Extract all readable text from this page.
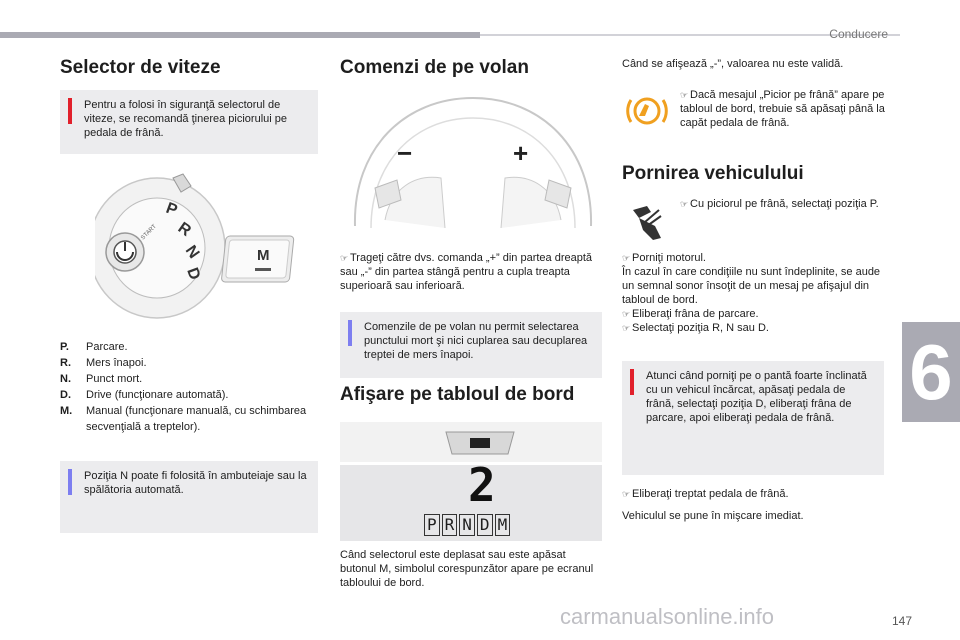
Conducere
Selector de viteze
Pentru a folosi în siguranţă selectorul de viteze, se recomandă ţinerea piciorului pe pedala de frână.
START
P
R
N
D
M
P.	Parcare.
R.	Mers înapoi.
N.	Punct mort.
D.	Drive (funcţionare automată).
M.	Manual (funcţionare manuală, cu schimbarea secvenţială a treptelor).
Poziţia N poate fi folosită în ambuteiaje sau la spălătoria automată.
Comenzi de pe volan
−	+
☞ Trageţi către dvs. comanda „+” din partea dreaptă sau „-” din partea stângă pentru a cupla treapta superioară sau inferioară.
Comenzile de pe volan nu permit selectarea punctului mort şi nici cuplarea sau decuplarea treptei de mers înapoi.
Afişare pe tabloul de bord
2
P R N D M
Când selectorul este deplasat sau este apăsat butonul M, simbolul corespunzător apare pe ecranul tabloului de bord.
Când se afişează „-”, valoarea nu este validă.
☞ Dacă mesajul „Picior pe frână” apare pe tabloul de bord, trebuie să apăsaţi până la capăt pedala de frână.
Pornirea vehiculului
☞ Cu piciorul pe frână, selectaţi poziţia P.
☞ Porniţi motorul.
În cazul în care condiţiile nu sunt îndeplinite, se aude un semnal sonor însoţit de un mesaj pe afişajul din tabloul de bord.
☞ Eliberaţi frâna de parcare.
☞ Selectaţi poziţia R, N sau D.
Atunci când porniţi pe o pantă foarte înclinată cu un vehicul încărcat, apăsaţi pedala de frână, selectaţi poziţia D, eliberaţi frâna de parcare, apoi eliberaţi pedala de frână.
☞ Eliberaţi treptat pedala de frână.
Vehiculul se pune în mişcare imediat.
6
carmanualsonline.info	147
